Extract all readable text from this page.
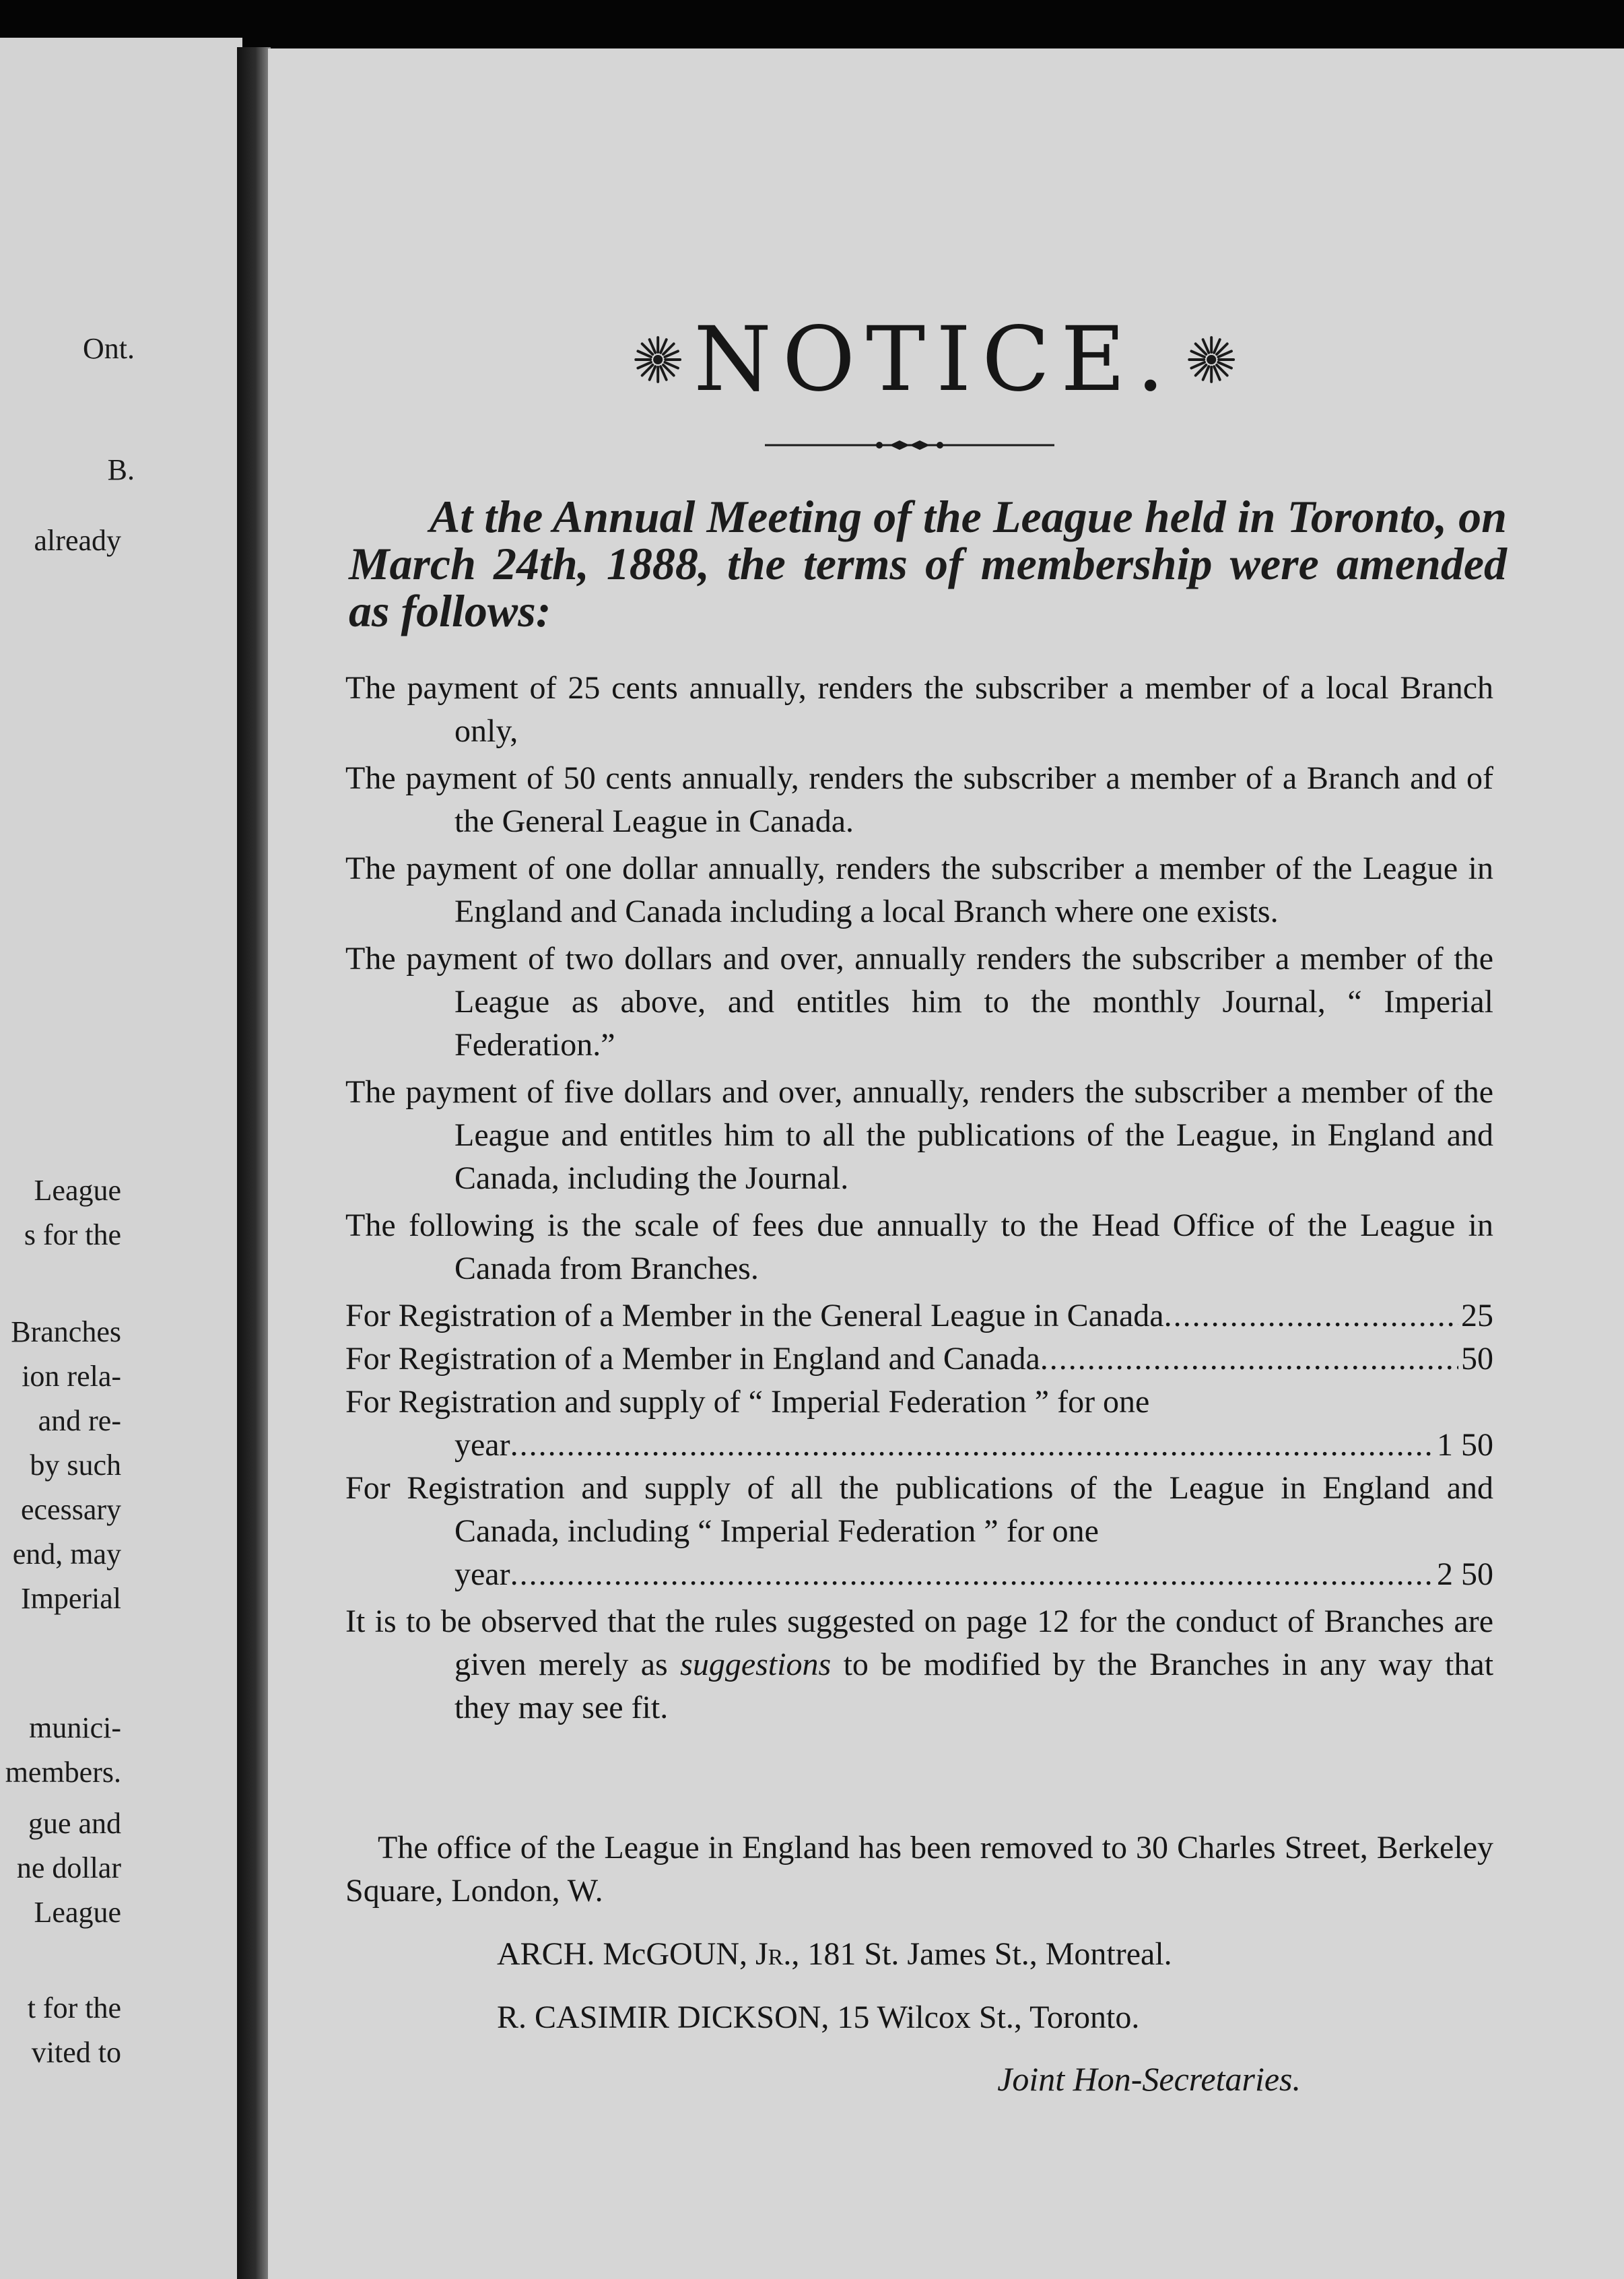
Ont.
B.
already
League
s for the
Branches
ion rela-
and re-
by such
ecessary
end, may
Imperial
munici-
members.
gue and
ne dollar
League
t for the
vited to
NOTICE.
At the Annual Meeting of the League held in Toronto, on March 24th, 1888, the terms of membership were amended as follows:
The payment of 25 cents annually, renders the subscriber a member of a local Branch only,
The payment of 50 cents annually, renders the subscriber a member of a Branch and of the General League in Canada.
The payment of one dollar annually, renders the subscriber a member of the League in England and Canada including a local Branch where one exists.
The payment of two dollars and over, annually renders the subscriber a member of the League as above, and entitles him to the monthly Journal, “ Imperial Federation.”
The payment of five dollars and over, annually, renders the subscriber a member of the League and entitles him to all the publications of the League, in England and Canada, including the Journal.
The following is the scale of fees due annually to the Head Office of the League in Canada from Branches.
For Registration of a Member in the General League in Canada .....	25
For Registration of a Member in England and Canada .....	50
For Registration and supply of “ Imperial Federation ” for one
year .....	1 50
For Registration and supply of all the publications of the League in England and Canada, including “ Imperial Federation ” for one
year .....	2 50
It is to be observed that the rules suggested on page 12 for the conduct of Branches are given merely as suggestions to be modified by the Branches in any way that they may see fit.
The office of the League in England has been removed to 30 Charles Street, Berkeley Square, London, W.
ARCH. McGOUN, Jr., 181 St. James St., Montreal.
R. CASIMIR DICKSON, 15 Wilcox St., Toronto.
Joint Hon-Secretaries.
